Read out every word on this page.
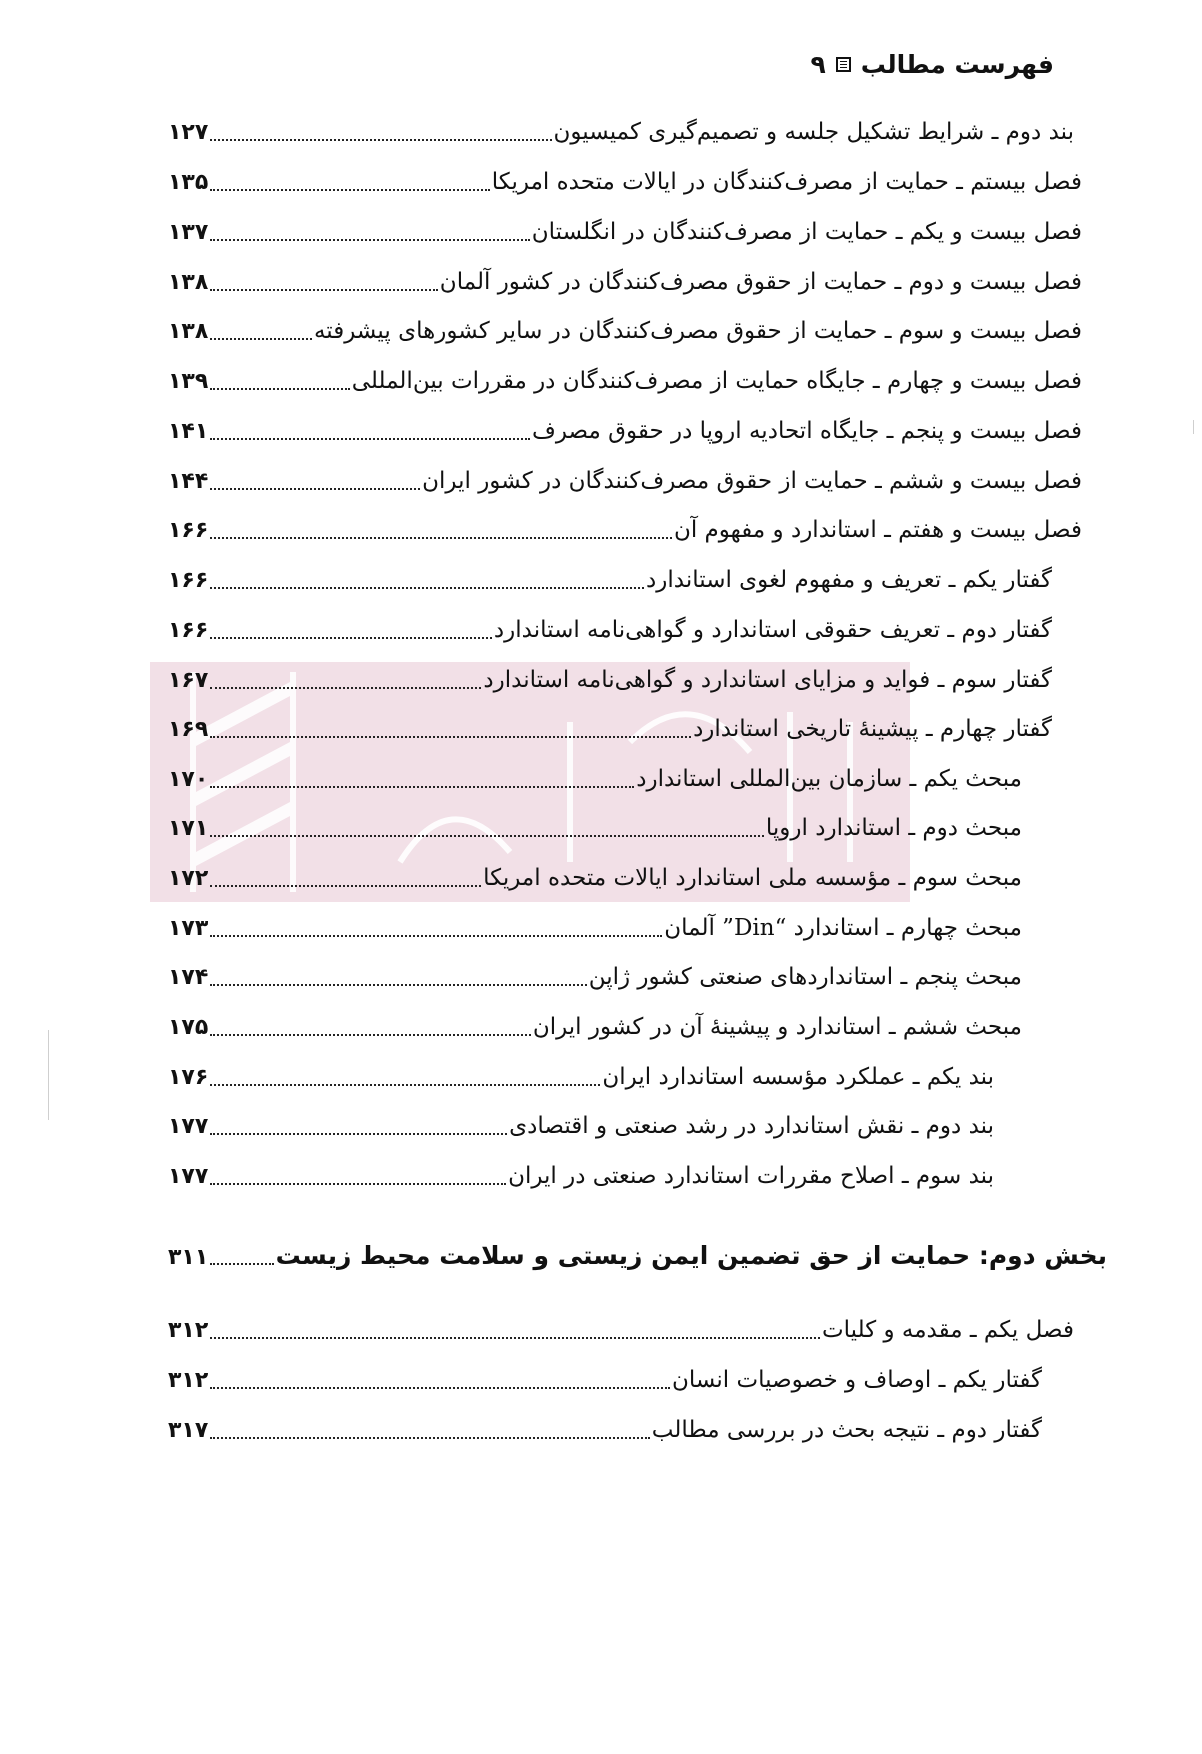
فهرست مطالب
۹
بند دوم ـ شرایط تشکیل جلسه و تصمیم‌گیری کمیسیون
۱۲۷
فصل بیستم ـ حمایت از مصرف‌کنندگان در ایالات متحده امریکا
۱۳۵
فصل بیست و یکم ـ حمایت از مصرف‌کنندگان در انگلستان
۱۳۷
فصل بیست و دوم ـ حمایت از حقوق مصرف‌کنندگان در کشور آلمان
۱۳۸
فصل بیست و سوم ـ حمایت از حقوق مصرف‌کنندگان در سایر کشورهای پیشرفته
۱۳۸
فصل بیست و چهارم ـ جایگاه حمایت از مصرف‌کنندگان در مقررات بین‌المللی
۱۳۹
فصل بیست و پنجم ـ جایگاه اتحادیه اروپا در حقوق مصرف
۱۴۱
فصل بیست و ششم ـ حمایت از حقوق مصرف‌کنندگان در کشور ایران
۱۴۴
فصل بیست و هفتم ـ استاندارد و مفهوم آن
۱۶۶
گفتار یکم ـ تعریف و مفهوم لغوی استاندارد
۱۶۶
گفتار دوم ـ تعریف حقوقی استاندارد و گواهی‌نامه استاندارد
۱۶۶
گفتار سوم ـ فواید و مزایای استاندارد و گواهی‌نامه استاندارد
۱۶۷
گفتار چهارم ـ پیشینهٔ تاریخی استاندارد
۱۶۹
مبحث یکم ـ سازمان بین‌المللی استاندارد
۱۷۰
مبحث دوم ـ استاندارد اروپا
۱۷۱
مبحث سوم ـ مؤسسه ملی استاندارد ایالات متحده امریکا
۱۷۲
مبحث چهارم ـ استاندارد “Din” آلمان
۱۷۳
مبحث پنجم ـ استانداردهای صنعتی کشور ژاپن
۱۷۴
مبحث ششم ـ استاندارد و پیشینهٔ آن در کشور ایران
۱۷۵
بند یکم ـ عملکرد مؤسسه استاندارد ایران
۱۷۶
بند دوم ـ نقش استاندارد در رشد صنعتی و اقتصادی
۱۷۷
بند سوم ـ اصلاح مقررات استاندارد صنعتی در ایران
۱۷۷
بخش دوم: حمایت از حق تضمین ایمن زیستی و سلامت محیط زیست
۳۱۱
فصل یکم ـ مقدمه و کلیات
۳۱۲
گفتار یکم ـ اوصاف و خصوصیات انسان
۳۱۲
گفتار دوم ـ نتیجه بحث در بررسی مطالب
۳۱۷
